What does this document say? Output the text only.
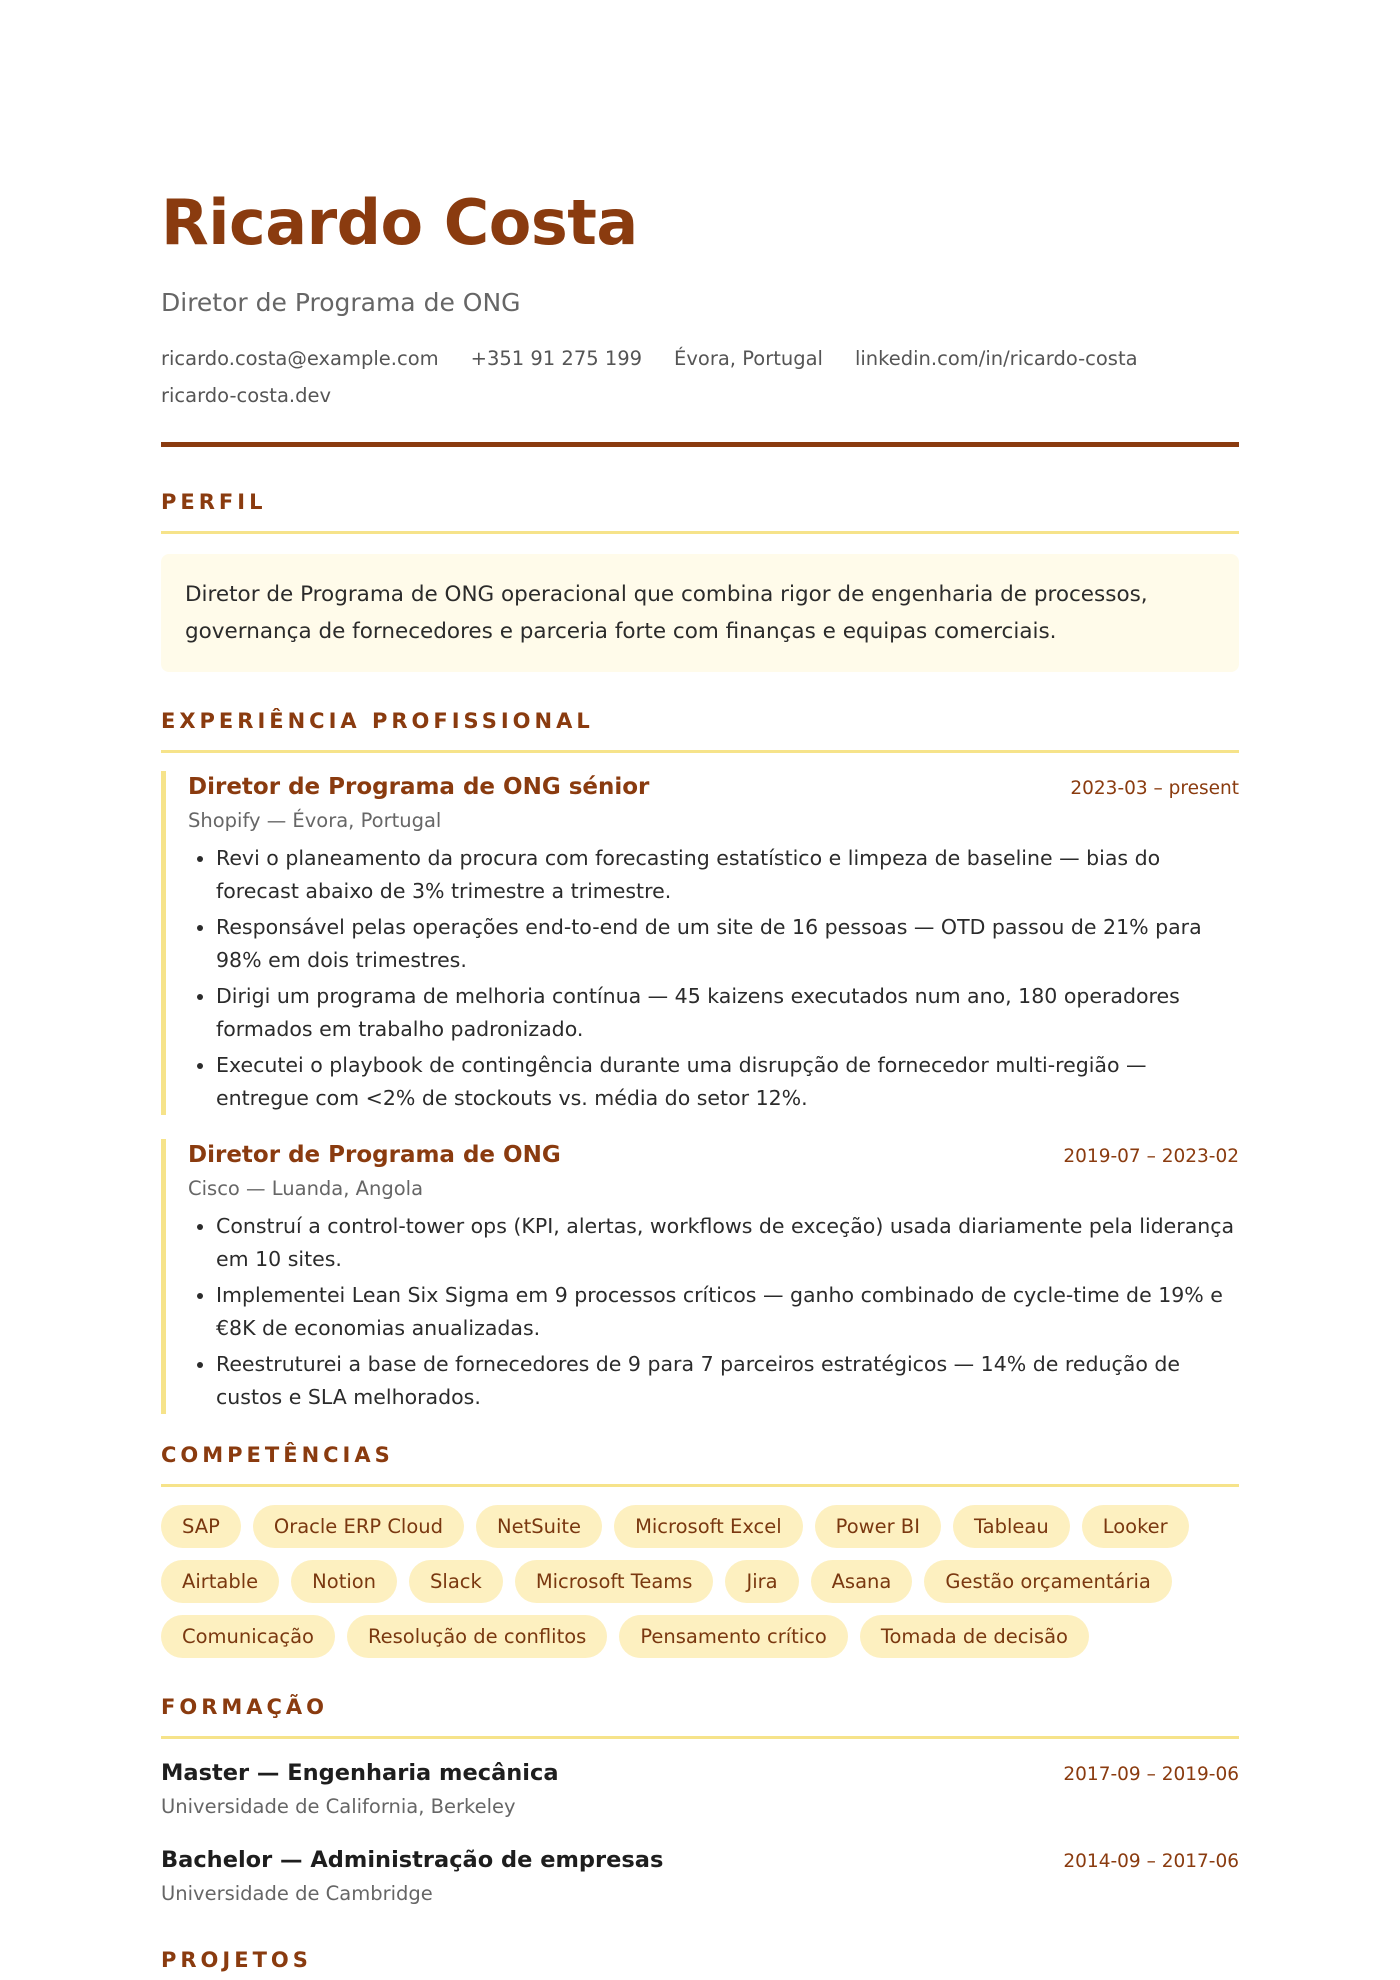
Ricardo Costa
Diretor de Programa de ONG
ricardo.costa@example.com +351 91 275 199 Évora, Portugal linkedin.com/in/ricardo-costa
ricardo-costa.dev
PERFIL
Diretor de Programa de ONG operacional que combina rigor de engenharia de processos, governança de fornecedores e parceria forte com finanças e equipas comerciais.
EXPERIÊNCIA PROFISSIONAL
Diretor de Programa de ONG sénior	2023-03 – present
Shopify — Évora, Portugal
• Revi o planeamento da procura com forecasting estatístico e limpeza de baseline — bias do forecast abaixo de 3% trimestre a trimestre.
• Responsável pelas operações end-to-end de um site de 16 pessoas — OTD passou de 21% para 98% em dois trimestres.
• Dirigi um programa de melhoria contínua — 45 kaizens executados num ano, 180 operadores formados em trabalho padronizado.
• Executei o playbook de contingência durante uma disrupção de fornecedor multi-região — entregue com <2% de stockouts vs. média do setor 12%.
Diretor de Programa de ONG	2019-07 – 2023-02
Cisco — Luanda, Angola
• Construí a control-tower ops (KPI, alertas, workflows de exceção) usada diariamente pela liderança em 10 sites.
• Implementei Lean Six Sigma em 9 processos críticos — ganho combinado de cycle-time de 19% e €8K de economias anualizadas.
• Reestruturei a base de fornecedores de 9 para 7 parceiros estratégicos — 14% de redução de custos e SLA melhorados.
COMPETÊNCIAS
SAP	Oracle ERP Cloud	NetSuite	Microsoft Excel	Power BI	Tableau	Looker
Airtable	Notion	Slack	Microsoft Teams	Jira	Asana	Gestão orçamentária
Comunicação	Resolução de conflitos	Pensamento crítico	Tomada de decisão
FORMAÇÃO
Master — Engenharia mecânica	2017-09 – 2019-06
Universidade de California, Berkeley
Bachelor — Administração de empresas	2014-09 – 2017-06
Universidade de Cambridge
PROJETOS
